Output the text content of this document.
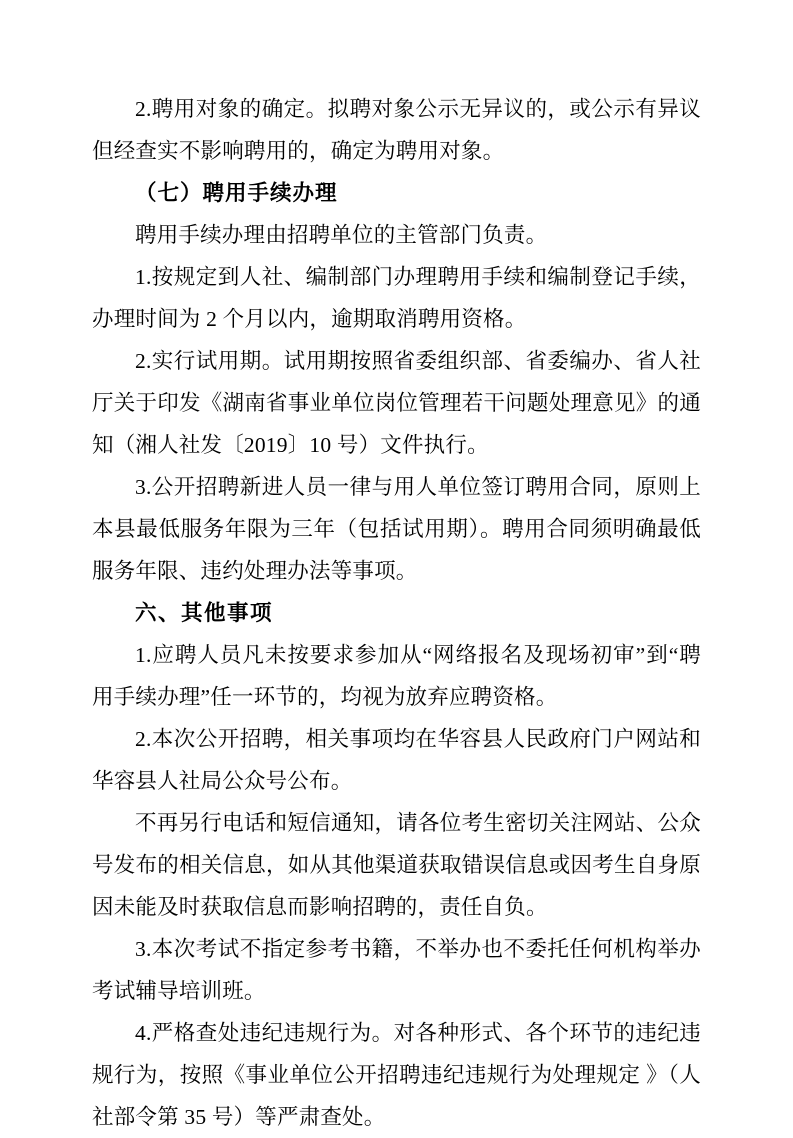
2.聘用对象的确定。拟聘对象公示无异议的，或公示有异议但经查实不影响聘用的，确定为聘用对象。

（七）聘用手续办理

聘用手续办理由招聘单位的主管部门负责。

1.按规定到人社、编制部门办理聘用手续和编制登记手续，办理时间为 2 个月以内，逾期取消聘用资格。

2.实行试用期。试用期按照省委组织部、省委编办、省人社厅关于印发《湖南省事业单位岗位管理若干问题处理意见》的通知（湘人社发〔2019〕10 号）文件执行。

3.公开招聘新进人员一律与用人单位签订聘用合同，原则上本县最低服务年限为三年（包括试用期）。聘用合同须明确最低服务年限、违约处理办法等事项。

六、其他事项

1.应聘人员凡未按要求参加从“网络报名及现场初审”到“聘用手续办理”任一环节的，均视为放弃应聘资格。

2.本次公开招聘，相关事项均在华容县人民政府门户网站和华容县人社局公众号公布。

不再另行电话和短信通知，请各位考生密切关注网站、公众号发布的相关信息，如从其他渠道获取错误信息或因考生自身原因未能及时获取信息而影响招聘的，责任自负。

3.本次考试不指定参考书籍，不举办也不委托任何机构举办考试辅导培训班。

4.严格查处违纪违规行为。对各种形式、各个环节的违纪违规行为，按照《事业单位公开招聘违纪违规行为处理规定 》（人社部令第 35 号）等严肃查处。
